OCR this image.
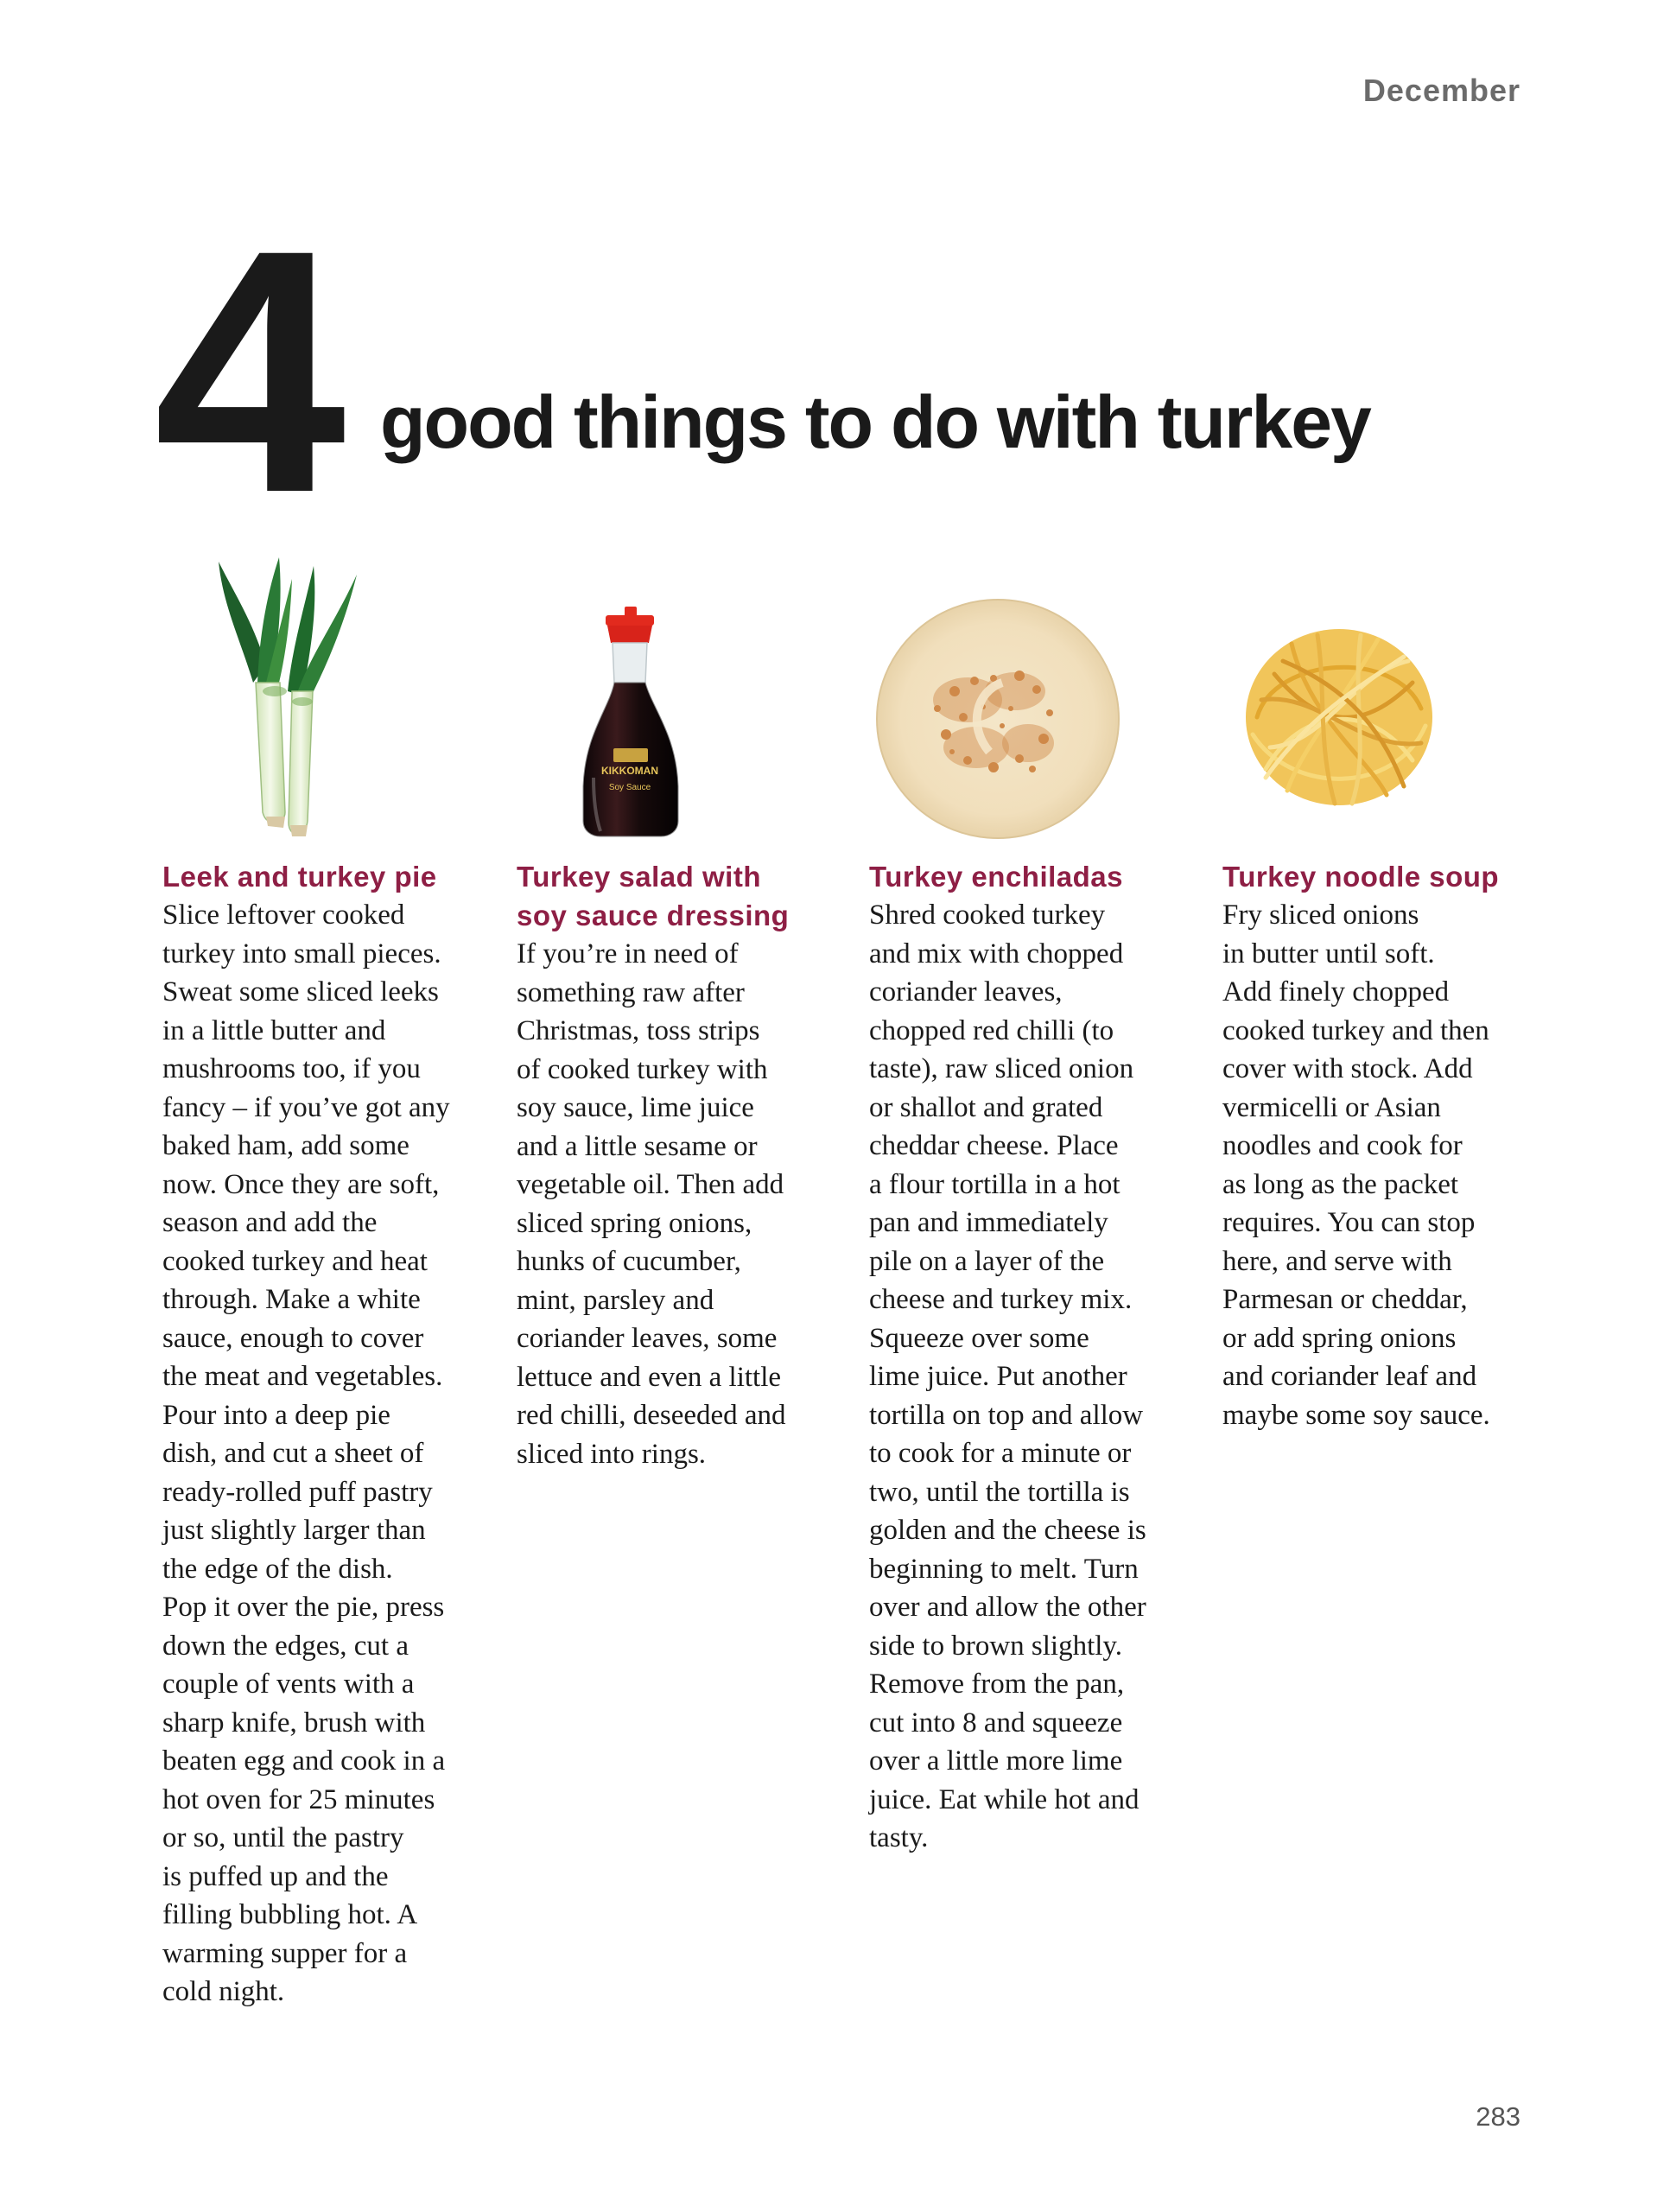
December
4 good things to do with turkey
KIKKOMAN
Soy Sauce
Leek and turkey pie

Slice leftover cooked
turkey into small pieces.
Sweat some sliced leeks
in a little butter and
mushrooms too, if you
fancy – if you’ve got any
baked ham, add some
now. Once they are soft,
season and add the
cooked turkey and heat
through. Make a white
sauce, enough to cover
the meat and vegetables.
Pour into a deep pie
dish, and cut a sheet of
ready-rolled puff pastry
just slightly larger than
the edge of the dish.
Pop it over the pie, press
down the edges, cut a
couple of vents with a
sharp knife, brush with
beaten egg and cook in a
hot oven for 25 minutes
or so, until the pastry
is puffed up and the
filling bubbling hot. A
warming supper for a
cold night.

Turkey salad with
soy sauce dressing

If you’re in need of
something raw after
Christmas, toss strips
of cooked turkey with
soy sauce, lime juice
and a little sesame or
vegetable oil. Then add
sliced spring onions,
hunks of cucumber,
mint, parsley and
coriander leaves, some
lettuce and even a little
red chilli, deseeded and
sliced into rings.

Turkey enchiladas

Shred cooked turkey
and mix with chopped
coriander leaves,
chopped red chilli (to
taste), raw sliced onion
or shallot and grated
cheddar cheese. Place
a flour tortilla in a hot
pan and immediately
pile on a layer of the
cheese and turkey mix.
Squeeze over some
lime juice. Put another
tortilla on top and allow
to cook for a minute or
two, until the tortilla is
golden and the cheese is
beginning to melt. Turn
over and allow the other
side to brown slightly.
Remove from the pan,
cut into 8 and squeeze
over a little more lime
juice. Eat while hot and
tasty.

Turkey noodle soup

Fry sliced onions
in butter until soft.
Add finely chopped
cooked turkey and then
cover with stock. Add
vermicelli or Asian
noodles and cook for
as long as the packet
requires. You can stop
here, and serve with
Parmesan or cheddar,
or add spring onions
and coriander leaf and
maybe some soy sauce.

283
